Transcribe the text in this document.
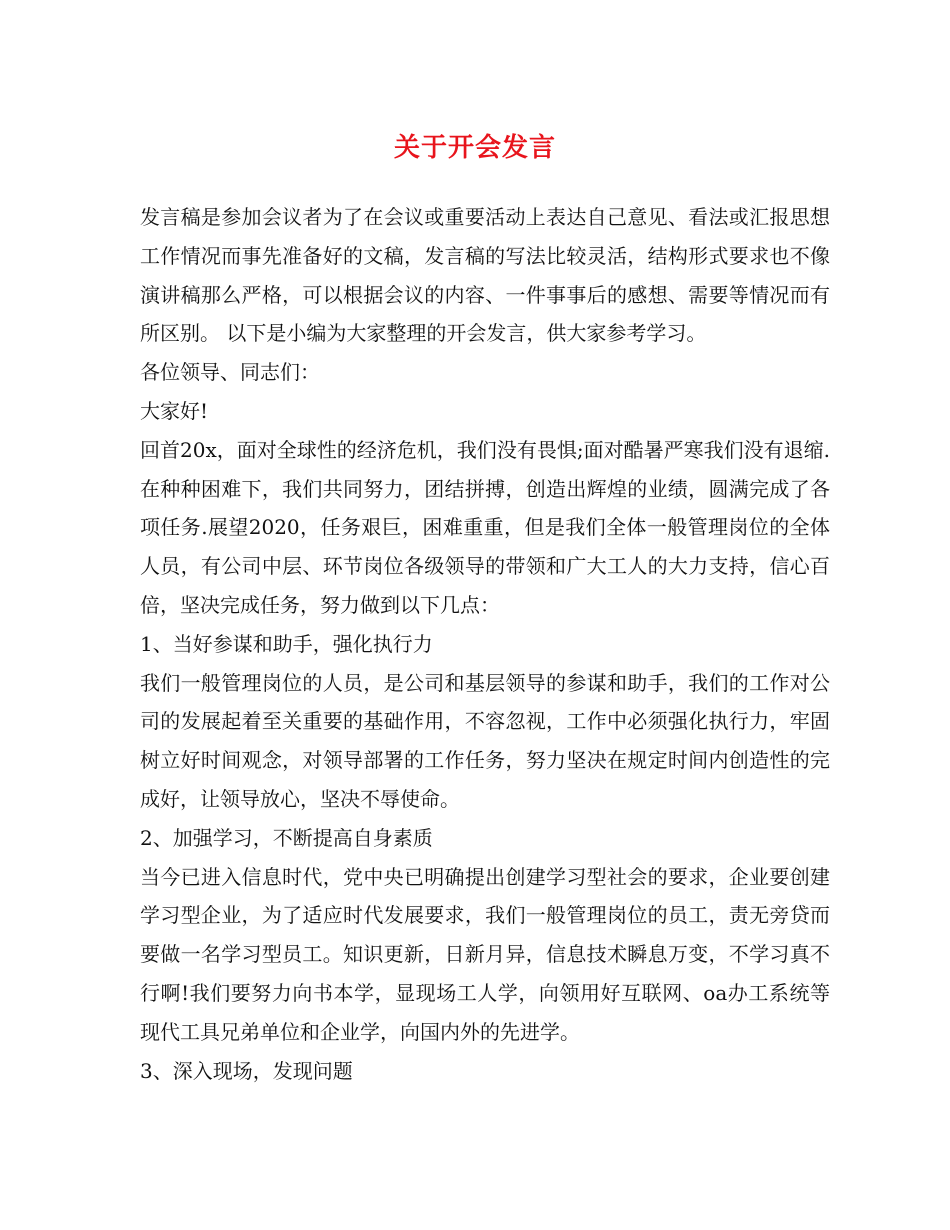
关于开会发言

发言稿是参加会议者为了在会议或重要活动上表达自己意见、看法或汇报思想工作情况而事先准备好的文稿，发言稿的写法比较灵活，结构形式要求也不像演讲稿那么严格，可以根据会议的内容、一件事事后的感想、需要等情况而有所区别。 以下是小编为大家整理的开会发言，供大家参考学习。

各位领导、同志们：

大家好!

回首20x，面对全球性的经济危机，我们没有畏惧;面对酷暑严寒我们没有退缩.在种种困难下，我们共同努力，团结拼搏，创造出辉煌的业绩，圆满完成了各项任务.展望2020，任务艰巨，困难重重，但是我们全体一般管理岗位的全体人员，有公司中层、环节岗位各级领导的带领和广大工人的大力支持，信心百倍，坚决完成任务，努力做到以下几点：

1、当好参谋和助手，强化执行力

我们一般管理岗位的人员，是公司和基层领导的参谋和助手，我们的工作对公司的发展起着至关重要的基础作用，不容忽视，工作中必须强化执行力，牢固树立好时间观念，对领导部署的工作任务，努力坚决在规定时间内创造性的完成好，让领导放心，坚决不辱使命。

2、加强学习，不断提高自身素质

当今已进入信息时代，党中央已明确提出创建学习型社会的要求，企业要创建学习型企业，为了适应时代发展要求，我们一般管理岗位的员工，责无旁贷而要做一名学习型员工。知识更新，日新月异，信息技术瞬息万变，不学习真不行啊!我们要努力向书本学，显现场工人学，向领用好互联网、oa办工系统等现代工具兄弟单位和企业学，向国内外的先进学。

3、深入现场，发现问题
